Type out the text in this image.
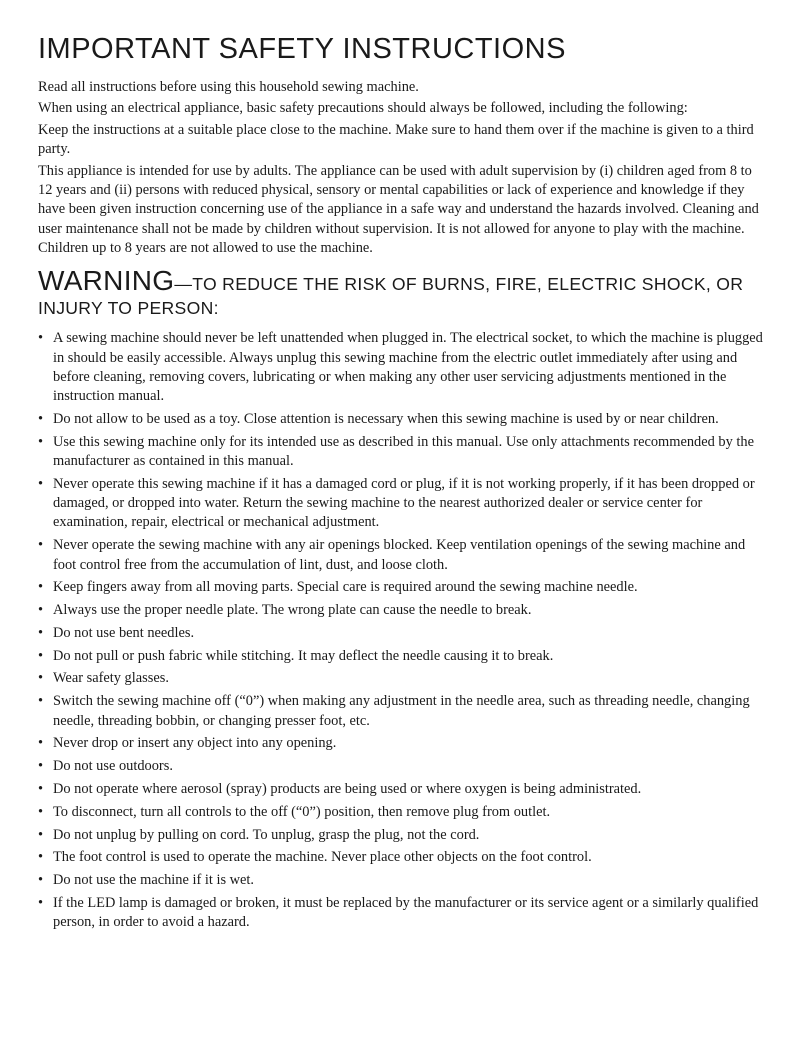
IMPORTANT SAFETY INSTRUCTIONS

Read all instructions before using this household sewing machine.

When using an electrical appliance, basic safety precautions should always be followed, including the following:

Keep the instructions at a suitable place close to the machine. Make sure to hand them over if the machine is given to a third party.

This appliance is intended for use by adults. The appliance can be used with adult supervision by (i) children aged from 8 to 12 years and (ii) persons with reduced physical, sensory or mental capabilities or lack of experience and knowledge if they have been given instruction concerning use of the appliance in a safe way and understand the hazards involved. Cleaning and user maintenance shall not be made by children without supervision. It is not allowed for anyone to play with the machine. Children up to 8 years are not allowed to use the machine.

WARNING—TO REDUCE THE RISK OF BURNS, FIRE, ELECTRIC SHOCK, OR INJURY TO PERSON:
• A sewing machine should never be left unattended when plugged in. The electrical socket, to which the machine is plugged in should be easily accessible. Always unplug this sewing machine from the electric outlet immediately after using and before cleaning, removing covers, lubricating or when making any other user servicing adjustments mentioned in the instruction manual.
• Do not allow to be used as a toy. Close attention is necessary when this sewing machine is used by or near children.
• Use this sewing machine only for its intended use as described in this manual. Use only attachments recommended by the manufacturer as contained in this manual.
• Never operate this sewing machine if it has a damaged cord or plug, if it is not working properly, if it has been dropped or damaged, or dropped into water. Return the sewing machine to the nearest authorized dealer or service center for examination, repair, electrical or mechanical adjustment.
• Never operate the sewing machine with any air openings blocked. Keep ventilation openings of the sewing machine and foot control free from the accumulation of lint, dust, and loose cloth.
• Keep fingers away from all moving parts. Special care is required around the sewing machine needle.
• Always use the proper needle plate. The wrong plate can cause the needle to break.
• Do not use bent needles.
• Do not pull or push fabric while stitching. It may deflect the needle causing it to break.
• Wear safety glasses.
• Switch the sewing machine off (“0”) when making any adjustment in the needle area, such as threading needle, changing needle, threading bobbin, or changing presser foot, etc.
• Never drop or insert any object into any opening.
• Do not use outdoors.
• Do not operate where aerosol (spray) products are being used or where oxygen is being administrated.
• To disconnect, turn all controls to the off (“0”) position, then remove plug from outlet.
• Do not unplug by pulling on cord. To unplug, grasp the plug, not the cord.
• The foot control is used to operate the machine. Never place other objects on the foot control.
• Do not use the machine if it is wet.
• If the LED lamp is damaged or broken, it must be replaced by the manufacturer or its service agent or a similarly qualified person, in order to avoid a hazard.
